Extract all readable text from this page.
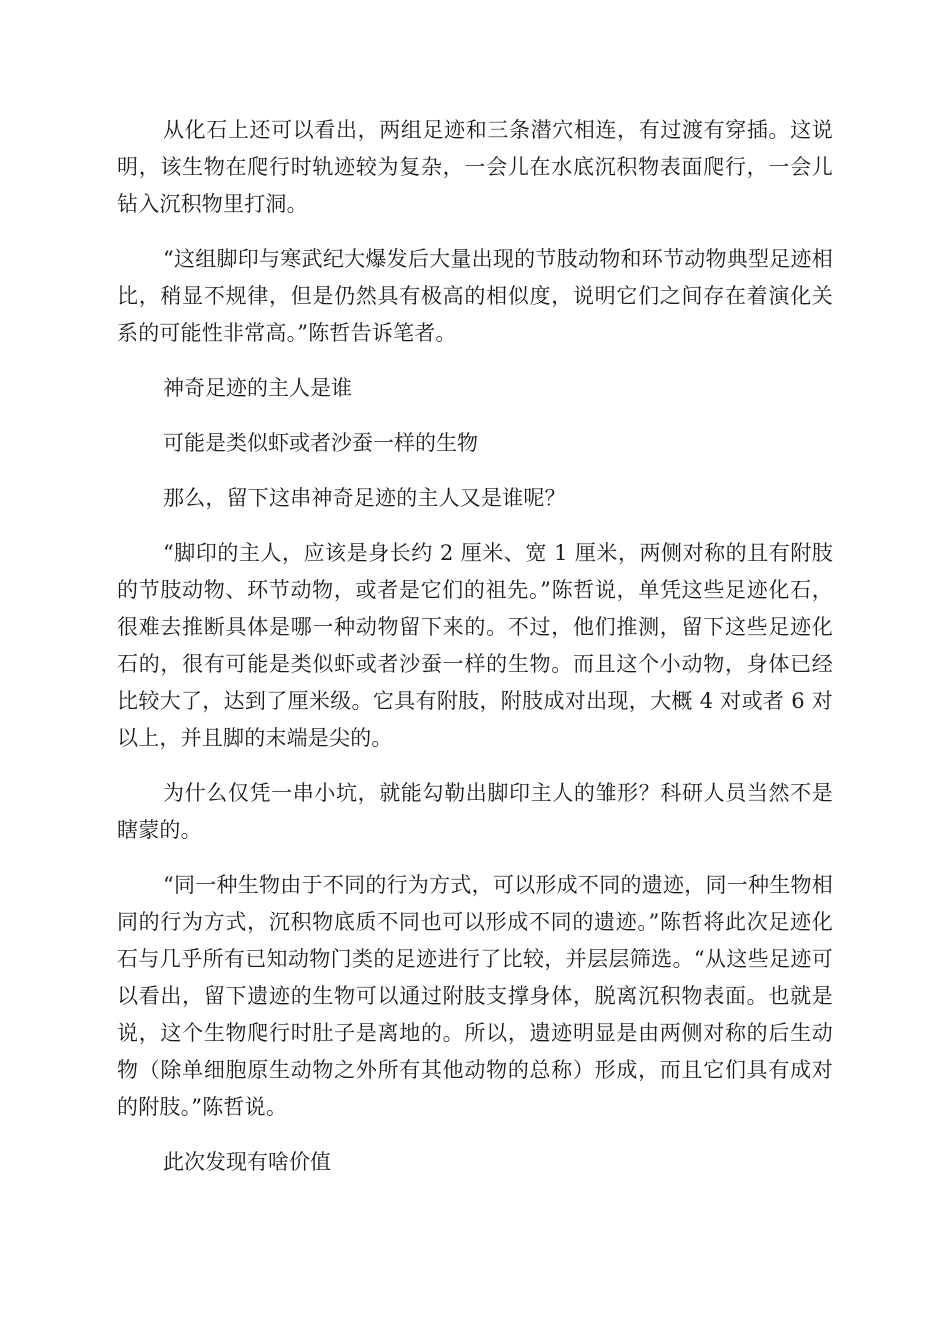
从化石上还可以看出，两组足迹和三条潜穴相连，有过渡有穿插。这说明，该生物在爬行时轨迹较为复杂，一会儿在水底沉积物表面爬行，一会儿钻入沉积物里打洞。

“这组脚印与寒武纪大爆发后大量出现的节肢动物和环节动物典型足迹相比，稍显不规律，但是仍然具有极高的相似度，说明它们之间存在着演化关系的可能性非常高。”陈哲告诉笔者。

神奇足迹的主人是谁

可能是类似虾或者沙蚕一样的生物

那么，留下这串神奇足迹的主人又是谁呢？

“脚印的主人，应该是身长约 2 厘米、宽 1 厘米，两侧对称的且有附肢的节肢动物、环节动物，或者是它们的祖先。”陈哲说，单凭这些足迹化石，很难去推断具体是哪一种动物留下来的。不过，他们推测，留下这些足迹化石的，很有可能是类似虾或者沙蚕一样的生物。而且这个小动物，身体已经比较大了，达到了厘米级。它具有附肢，附肢成对出现，大概 4 对或者 6 对以上，并且脚的末端是尖的。

为什么仅凭一串小坑，就能勾勒出脚印主人的雏形？科研人员当然不是瞎蒙的。

“同一种生物由于不同的行为方式，可以形成不同的遗迹，同一种生物相同的行为方式，沉积物底质不同也可以形成不同的遗迹。”陈哲将此次足迹化石与几乎所有已知动物门类的足迹进行了比较，并层层筛选。“从这些足迹可以看出，留下遗迹的生物可以通过附肢支撑身体，脱离沉积物表面。也就是说，这个生物爬行时肚子是离地的。所以，遗迹明显是由两侧对称的后生动物（除单细胞原生动物之外所有其他动物的总称）形成，而且它们具有成对的附肢。”陈哲说。

此次发现有啥价值
